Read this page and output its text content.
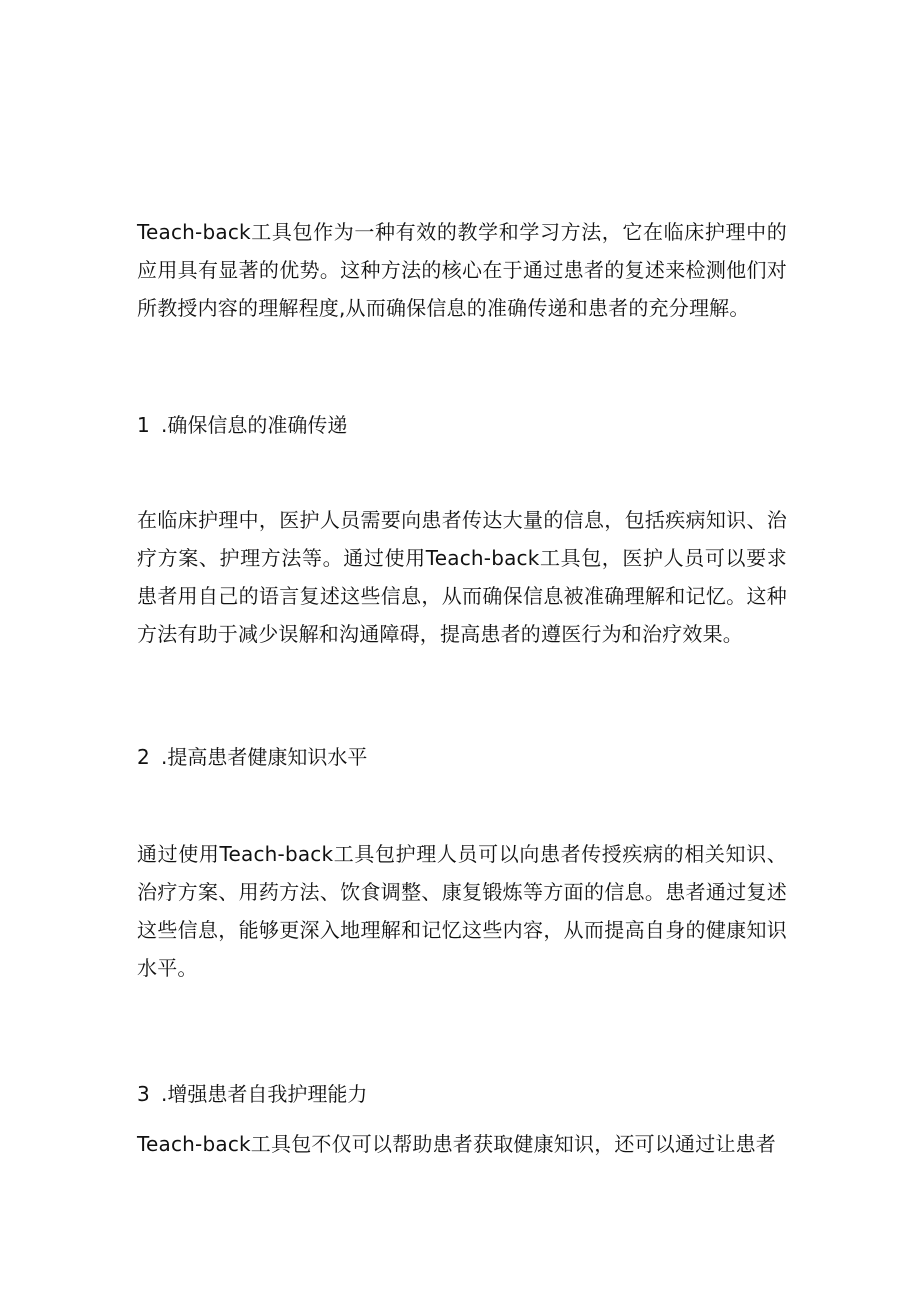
Teach-back工具包作为一种有效的教学和学习方法，它在临床护理中的应用具有显著的优势。这种方法的核心在于通过患者的复述来检测他们对所教授内容的理解程度,从而确保信息的准确传递和患者的充分理解。

1 .确保信息的准确传递

在临床护理中，医护人员需要向患者传达大量的信息，包括疾病知识、治疗方案、护理方法等。通过使用Teach-back工具包，医护人员可以要求患者用自己的语言复述这些信息，从而确保信息被准确理解和记忆。这种方法有助于减少误解和沟通障碍，提高患者的遵医行为和治疗效果。

2 .提高患者健康知识水平

通过使用Teach-back工具包护理人员可以向患者传授疾病的相关知识、治疗方案、用药方法、饮食调整、康复锻炼等方面的信息。患者通过复述这些信息，能够更深入地理解和记忆这些内容，从而提高自身的健康知识水平。

3 .增强患者自我护理能力

Teach-back工具包不仅可以帮助患者获取健康知识，还可以通过让患者
